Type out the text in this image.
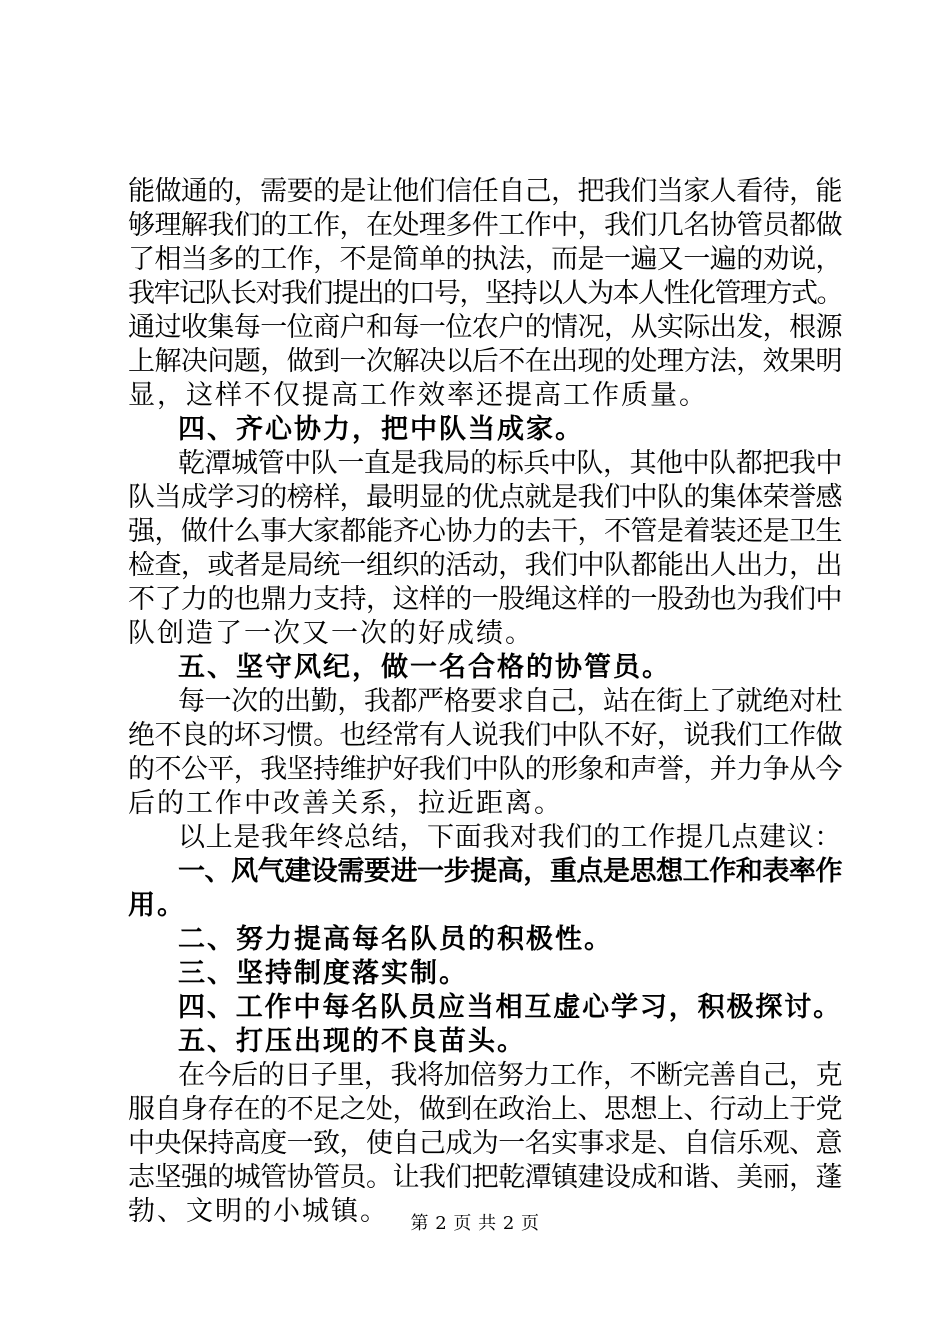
能做通的，需要的是让他们信任自己，把我们当家人看待，能

够理解我们的工作，在处理多件工作中，我们几名协管员都做

了相当多的工作，不是简单的执法，而是一遍又一遍的劝说，

我牢记队长对我们提出的口号，坚持以人为本人性化管理方式。

通过收集每一位商户和每一位农户的情况，从实际出发，根源

上解决问题，做到一次解决以后不在出现的处理方法，效果明

显，这样不仅提高工作效率还提高工作质量。

四、齐心协力，把中队当成家。

乾潭城管中队一直是我局的标兵中队，其他中队都把我中

队当成学习的榜样，最明显的优点就是我们中队的集体荣誉感

强，做什么事大家都能齐心协力的去干，不管是着装还是卫生

检查，或者是局统一组织的活动，我们中队都能出人出力，出

不了力的也鼎力支持，这样的一股绳这样的一股劲也为我们中

队创造了一次又一次的好成绩。

五、坚守风纪，做一名合格的协管员。

每一次的出勤，我都严格要求自己，站在街上了就绝对杜

绝不良的坏习惯。也经常有人说我们中队不好，说我们工作做

的不公平，我坚持维护好我们中队的形象和声誉，并力争从今

后的工作中改善关系，拉近距离。

以上是我年终总结，下面我对我们的工作提几点建议：

一、风气建设需要进一步提高，重点是思想工作和表率作

用。

二、努力提高每名队员的积极性。

三、坚持制度落实制。

四、工作中每名队员应当相互虚心学习，积极探讨。

五、打压出现的不良苗头。

在今后的日子里，我将加倍努力工作，不断完善自己，克

服自身存在的不足之处，做到在政治上、思想上、行动上于党

中央保持高度一致，使自己成为一名实事求是、自信乐观、意

志坚强的城管协管员。让我们把乾潭镇建设成和谐、美丽，蓬

勃、文明的小城镇。	第 2 页 共 2 页
